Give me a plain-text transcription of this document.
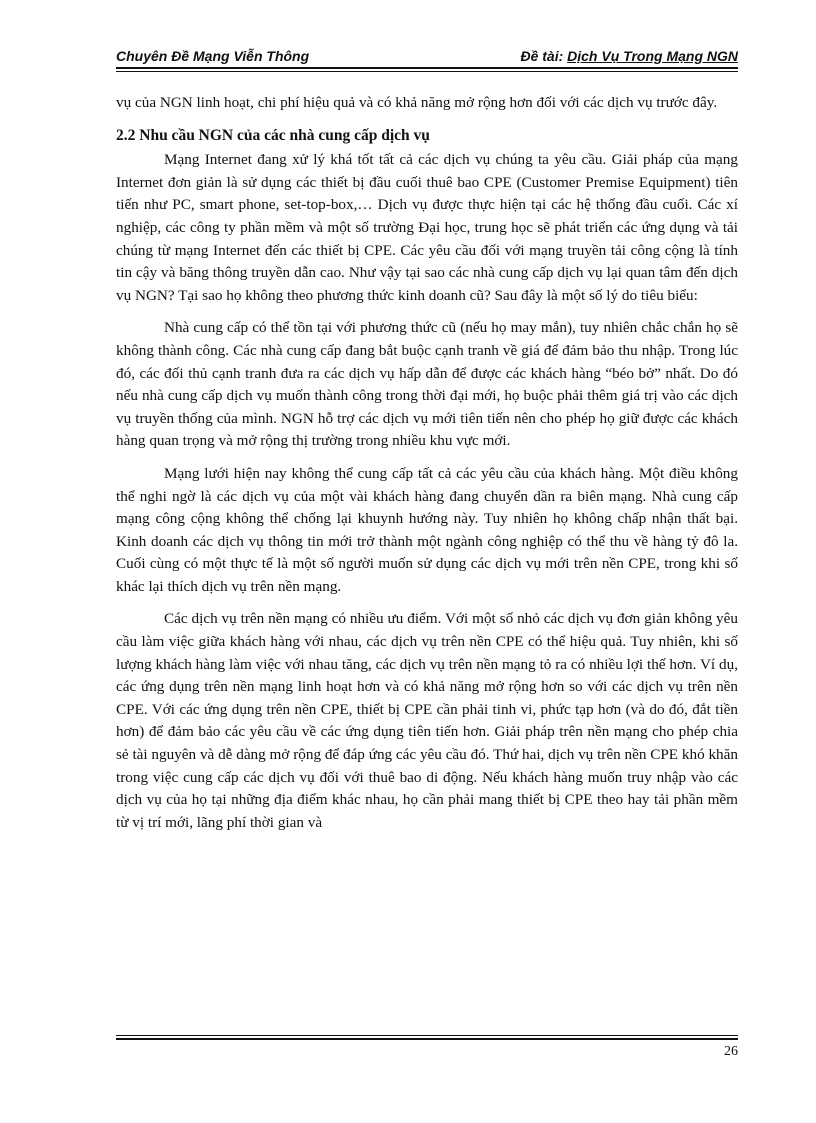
Chuyên Đề Mạng Viễn Thông	Đề tài: Dịch Vụ Trong Mạng NGN

vụ của NGN linh hoạt, chi phí hiệu quả và có khả năng mở rộng hơn đối với các dịch vụ trước đây.

2.2 Nhu cầu NGN của các nhà cung cấp dịch vụ

Mạng Internet đang xử lý khá tốt tất cả các dịch vụ chúng ta yêu cầu. Giải pháp của mạng Internet đơn giản là sử dụng các thiết bị đầu cuối thuê bao CPE (Customer Premise Equipment) tiên tiến như PC, smart phone, set-top-box,… Dịch vụ được thực hiện tại các hệ thống đầu cuối. Các xí nghiệp, các công ty phần mềm và một số trường Đại học, trung học sẽ phát triển các ứng dụng và tải chúng từ mạng Internet đến các thiết bị CPE. Các yêu cầu đối với mạng truyền tải công cộng là tính tin cậy và băng thông truyền dẫn cao. Như vậy tại sao các nhà cung cấp dịch vụ lại quan tâm đến dịch vụ NGN? Tại sao họ không theo phương thức kinh doanh cũ? Sau đây là một số lý do tiêu biểu:

Nhà cung cấp có thể tồn tại với phương thức cũ (nếu họ may mắn), tuy nhiên chắc chắn họ sẽ không thành công. Các nhà cung cấp đang bắt buộc cạnh tranh về giá để đảm bảo thu nhập. Trong lúc đó, các đối thủ cạnh tranh đưa ra các dịch vụ hấp dẫn để được các khách hàng “béo bở” nhất. Do đó nếu nhà cung cấp dịch vụ muốn thành công trong thời đại mới, họ buộc phải thêm giá trị vào các dịch vụ truyền thống của mình. NGN hỗ trợ các dịch vụ mới tiên tiến nên cho phép họ giữ được các khách hàng quan trọng và mở rộng thị trường trong nhiều khu vực mới.

Mạng lưới hiện nay không thể cung cấp tất cả các yêu cầu của khách hàng. Một điều không thể nghi ngờ là các dịch vụ của một vài khách hàng đang chuyển dần ra biên mạng. Nhà cung cấp mạng công cộng không thể chống lại khuynh hướng này. Tuy nhiên họ không chấp nhận thất bại. Kinh doanh các dịch vụ thông tin mới trở thành một ngành công nghiệp có thể thu về hàng tỷ đô la. Cuối cùng có một thực tế là một số người muốn sử dụng các dịch vụ mới trên nền CPE, trong khi số khác lại thích dịch vụ trên nền mạng.

Các dịch vụ trên nền mạng có nhiều ưu điểm. Với một số nhỏ các dịch vụ đơn giản không yêu cầu làm việc giữa khách hàng với nhau, các dịch vụ trên nền CPE có thể hiệu quả. Tuy nhiên, khi số lượng khách hàng làm việc với nhau tăng, các dịch vụ trên nền mạng tỏ ra có nhiều lợi thế hơn. Ví dụ, các ứng dụng trên nền mạng linh hoạt hơn và có khả năng mở rộng hơn so với các dịch vụ trên nền CPE. Với các ứng dụng trên nền CPE, thiết bị CPE cần phải tinh vi, phức tạp hơn (và do đó, đắt tiền hơn) để đảm bảo các yêu cầu về các ứng dụng tiên tiến hơn. Giải pháp trên nền mạng cho phép chia sẻ tài nguyên và dễ dàng mở rộng để đáp ứng các yêu cầu đó. Thứ hai, dịch vụ trên nền CPE khó khăn trong việc cung cấp các dịch vụ đối với thuê bao di động. Nếu khách hàng muốn truy nhập vào các dịch vụ của họ tại những địa điểm khác nhau, họ cần phải mang thiết bị CPE theo hay tải phần mềm từ vị trí mới, lãng phí thời gian và

26
